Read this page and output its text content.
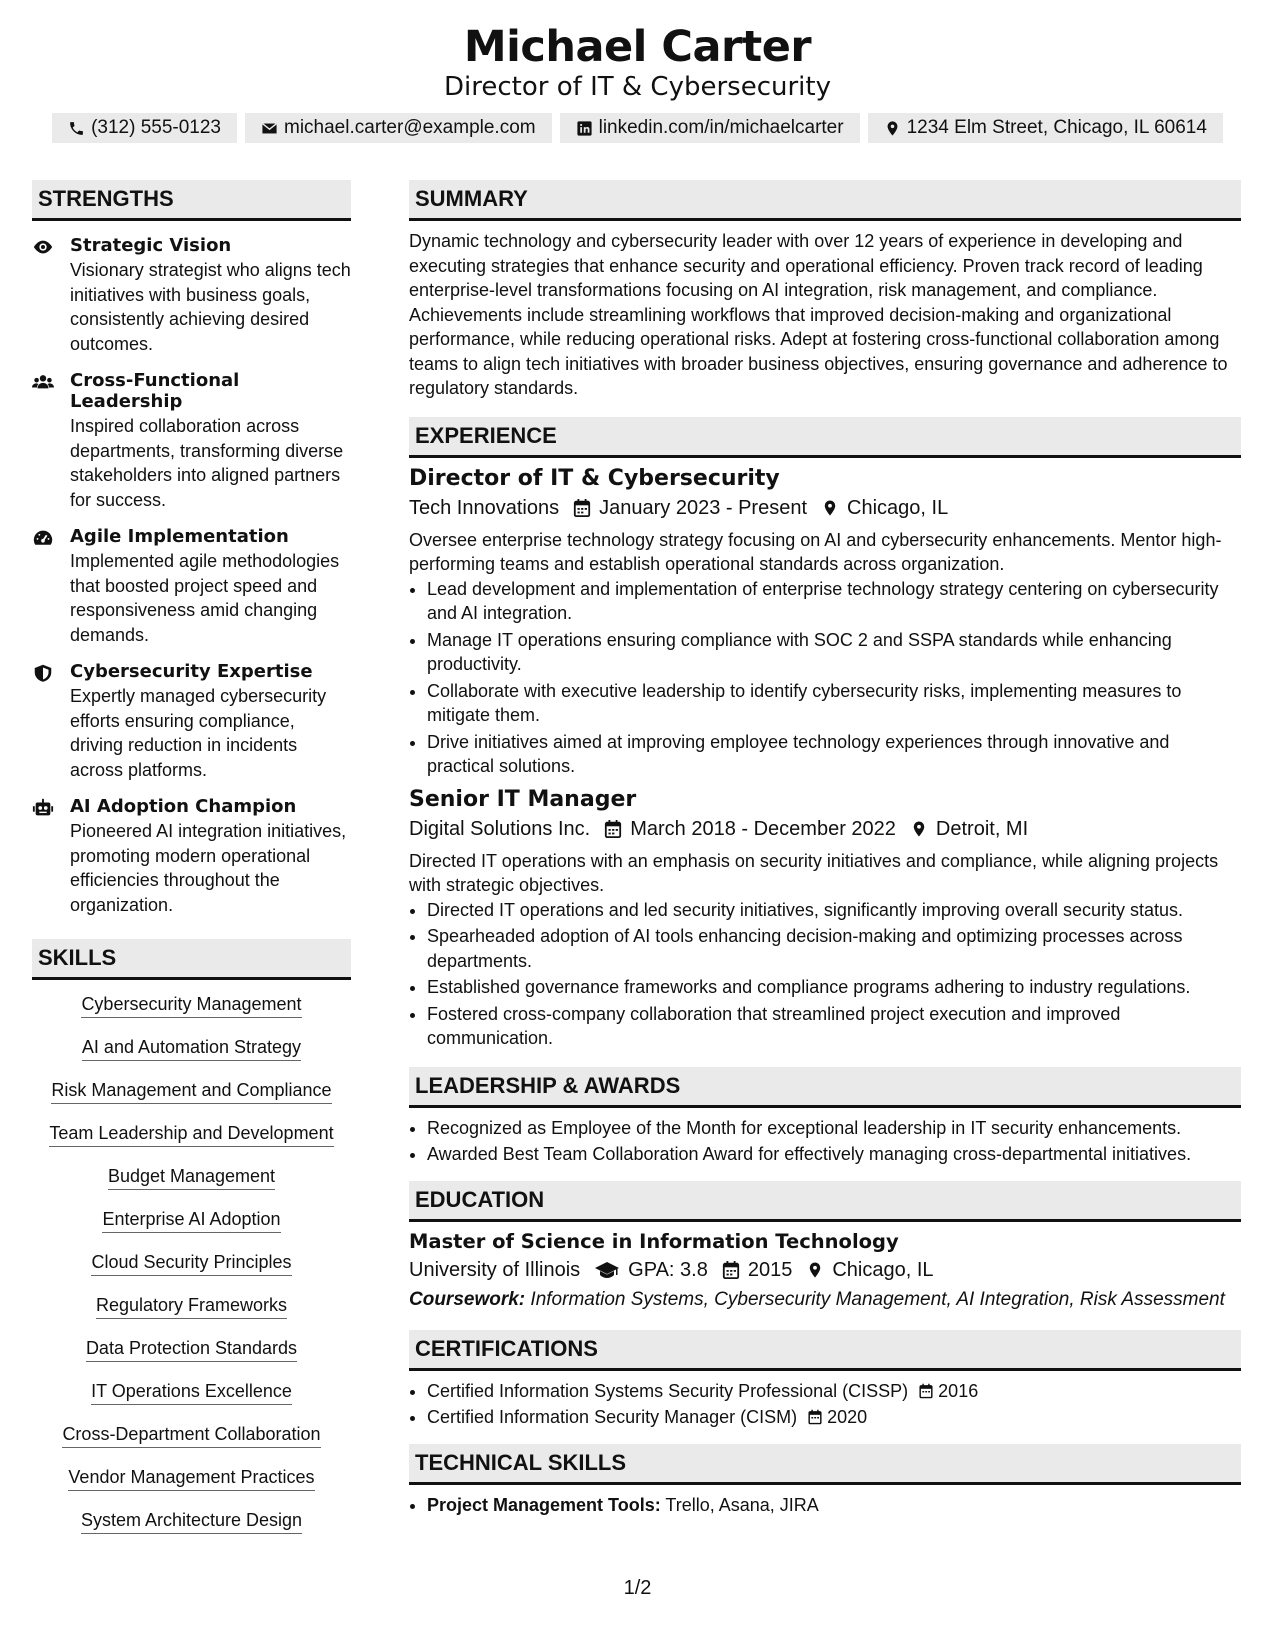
Michael Carter
Director of IT & Cybersecurity
(312) 555-0123	michael.carter@example.com	linkedin.com/in/michaelcarter	1234 Elm Street, Chicago, IL 60614
STRENGTHS
Strategic Vision
Visionary strategist who aligns tech initiatives with business goals, consistently achieving desired outcomes.
Cross-Functional Leadership
Inspired collaboration across departments, transforming diverse stakeholders into aligned partners for success.
Agile Implementation
Implemented agile methodologies that boosted project speed and responsiveness amid changing demands.
Cybersecurity Expertise
Expertly managed cybersecurity efforts ensuring compliance, driving reduction in incidents across platforms.
AI Adoption Champion
Pioneered AI integration initiatives, promoting modern operational efficiencies throughout the organization.
SKILLS
Cybersecurity Management
AI and Automation Strategy
Risk Management and Compliance
Team Leadership and Development
Budget Management
Enterprise AI Adoption
Cloud Security Principles
Regulatory Frameworks
Data Protection Standards
IT Operations Excellence
Cross-Department Collaboration
Vendor Management Practices
System Architecture Design
SUMMARY
Dynamic technology and cybersecurity leader with over 12 years of experience in developing and executing strategies that enhance security and operational efficiency. Proven track record of leading enterprise-level transformations focusing on AI integration, risk management, and compliance. Achievements include streamlining workflows that improved decision-making and organizational performance, while reducing operational risks. Adept at fostering cross-functional collaboration among teams to align tech initiatives with broader business objectives, ensuring governance and adherence to regulatory standards.
EXPERIENCE
Director of IT & Cybersecurity
Tech Innovations January 2023 - Present Chicago, IL
Oversee enterprise technology strategy focusing on AI and cybersecurity enhancements. Mentor high-performing teams and establish operational standards across organization.
• Lead development and implementation of enterprise technology strategy centering on cybersecurity and AI integration.
• Manage IT operations ensuring compliance with SOC 2 and SSPA standards while enhancing productivity.
• Collaborate with executive leadership to identify cybersecurity risks, implementing measures to mitigate them.
• Drive initiatives aimed at improving employee technology experiences through innovative and practical solutions.
Senior IT Manager
Digital Solutions Inc. March 2018 - December 2022 Detroit, MI
Directed IT operations with an emphasis on security initiatives and compliance, while aligning projects with strategic objectives.
• Directed IT operations and led security initiatives, significantly improving overall security status.
• Spearheaded adoption of AI tools enhancing decision-making and optimizing processes across departments.
• Established governance frameworks and compliance programs adhering to industry regulations.
• Fostered cross-company collaboration that streamlined project execution and improved communication.
LEADERSHIP & AWARDS
• Recognized as Employee of the Month for exceptional leadership in IT security enhancements.
• Awarded Best Team Collaboration Award for effectively managing cross-departmental initiatives.
EDUCATION
Master of Science in Information Technology
University of Illinois GPA: 3.8 2015 Chicago, IL
Coursework: Information Systems, Cybersecurity Management, AI Integration, Risk Assessment
CERTIFICATIONS
• Certified Information Systems Security Professional (CISSP) 2016
• Certified Information Security Manager (CISM) 2020
TECHNICAL SKILLS
• Project Management Tools: Trello, Asana, JIRA
1/2
